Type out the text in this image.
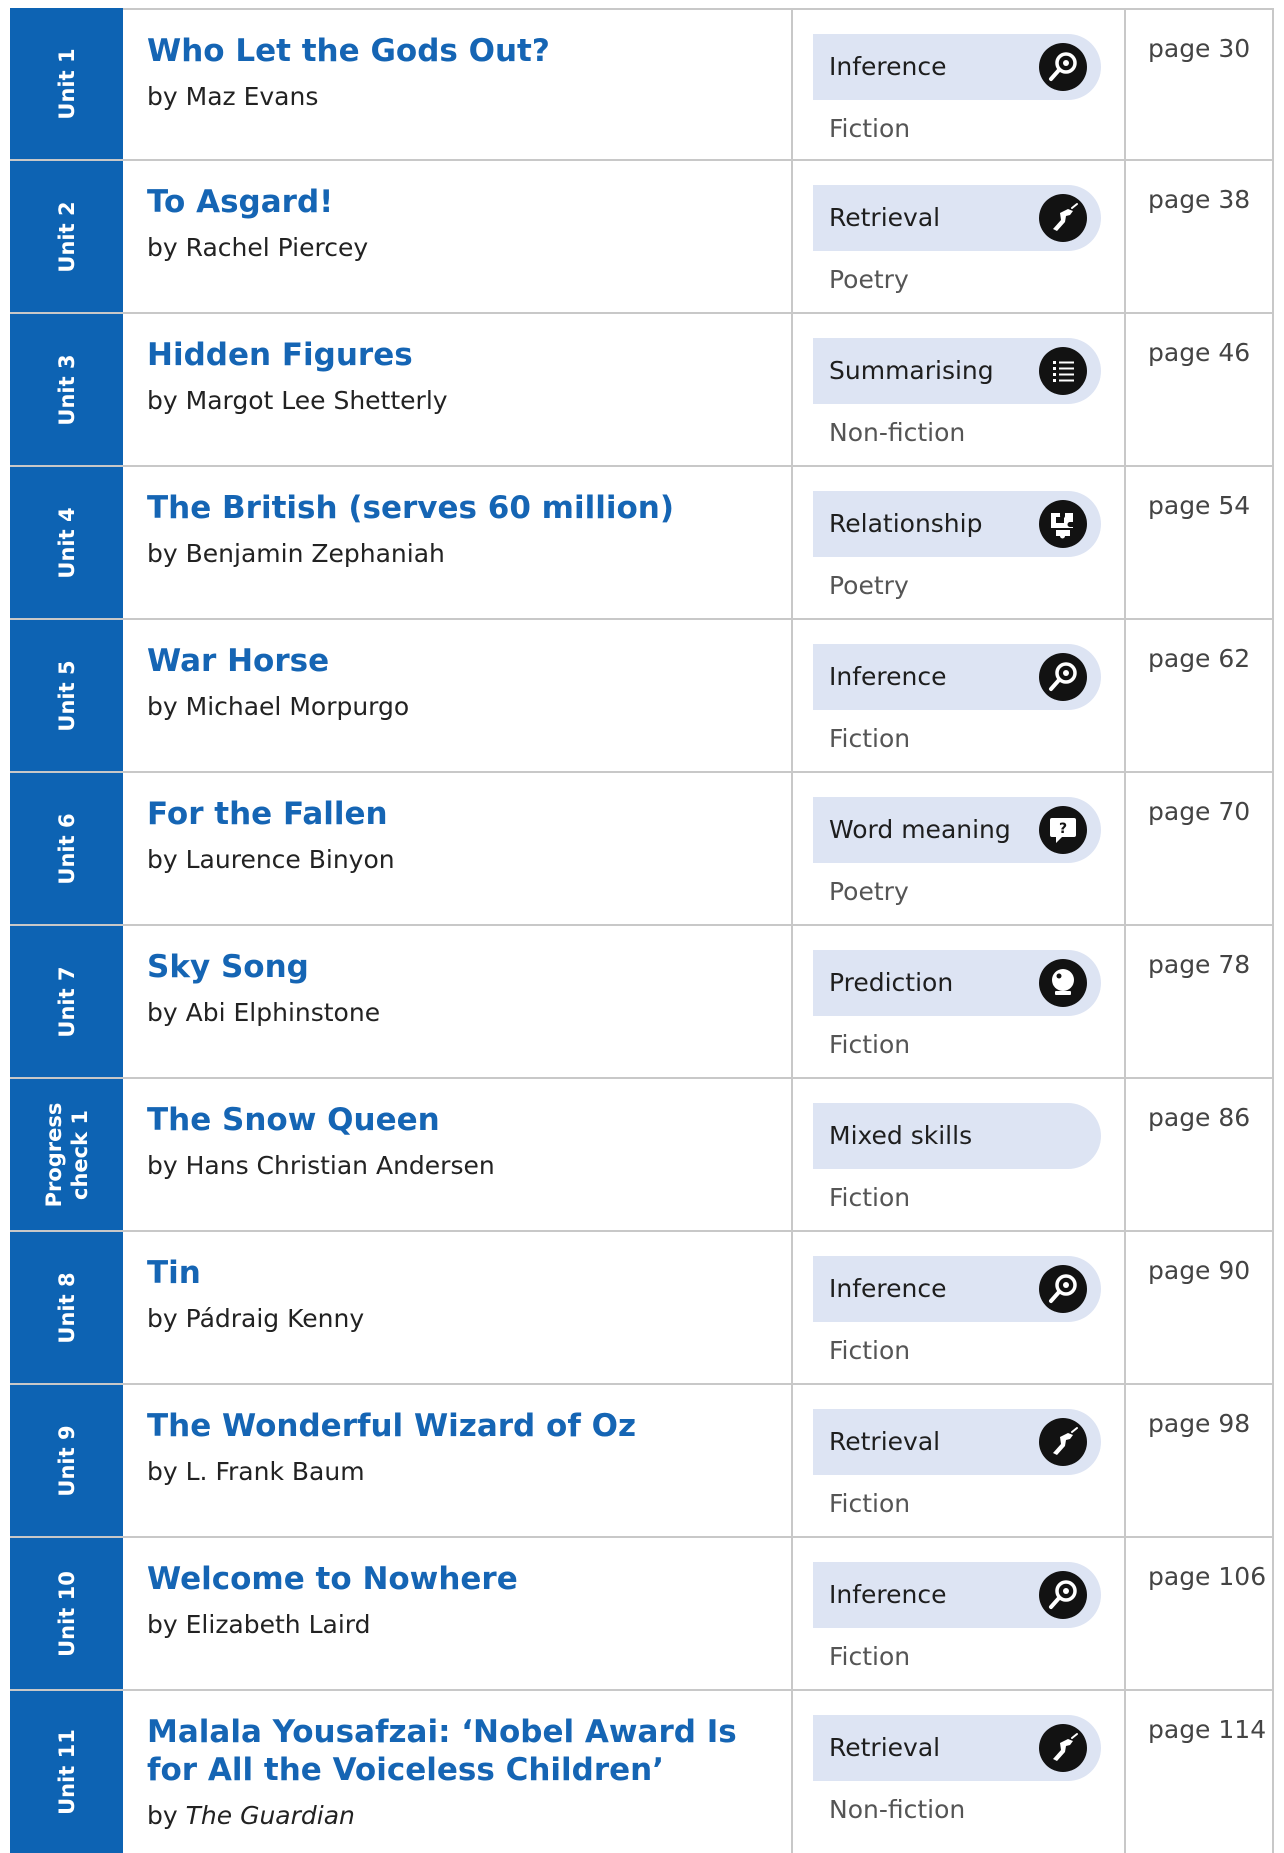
Unit 1 Who Let the Gods Out?
by Maz Evans
Inference
Fiction
page 30
Unit 2 To Asgard!
by Rachel Piercey
Retrieval
Poetry
page 38
Unit 3 Hidden Figures
by Margot Lee Shetterly
Summarising
Non-fiction
page 46
Unit 4 The British (serves 60 million)
by Benjamin Zephaniah
Relationship
Poetry
page 54
Unit 5 War Horse
by Michael Morpurgo
Inference
Fiction
page 62
Unit 6 For the Fallen
by Laurence Binyon
Word meaning	?
Poetry
page 70
Unit 7 Sky Song
by Abi Elphinstone
Prediction
Fiction
page 78
Progress check 1 The Snow Queen
by Hans Christian Andersen
Mixed skills
Fiction
page 86
Unit 8 Tin
by Pádraig Kenny
Inference
Fiction
page 90
Unit 9 The Wonderful Wizard of Oz
by L. Frank Baum
Retrieval
Fiction
page 98
Unit 10 Welcome to Nowhere
by Elizabeth Laird
Inference
Fiction
page 106
Unit 11 Malala Yousafzai: ‘Nobel Award Is for All the Voiceless Children’
by The Guardian
Retrieval
Non-fiction
page 114
